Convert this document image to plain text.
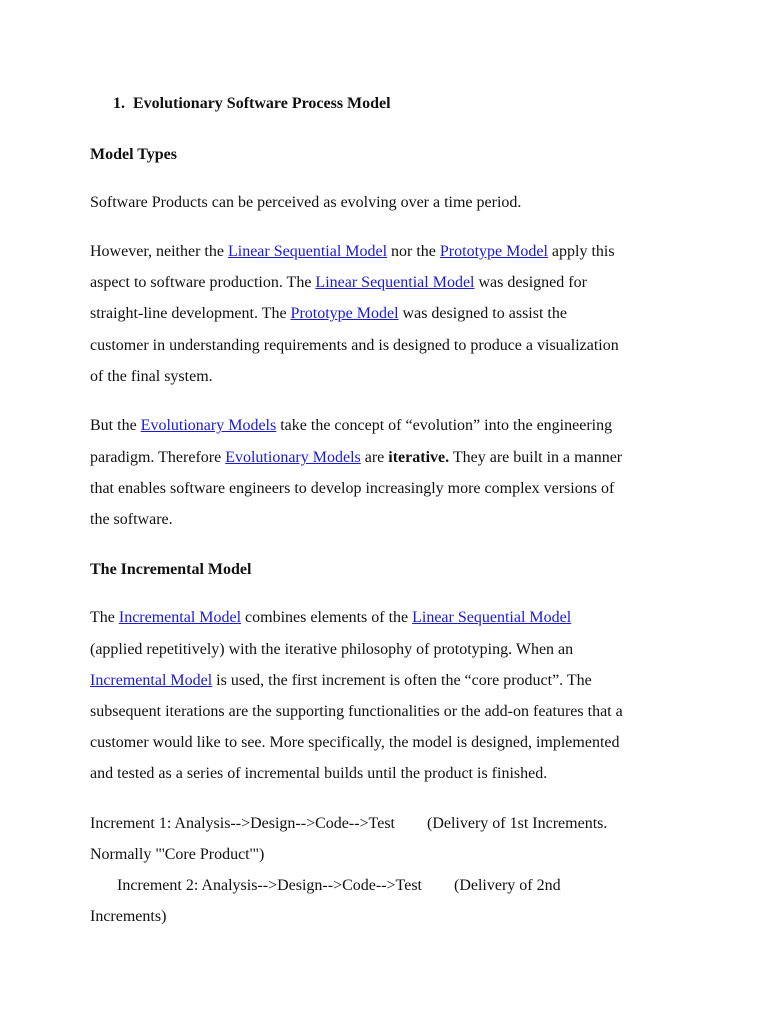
1. Evolutionary Software Process Model
Model Types
Software Products can be perceived as evolving over a time period.
However, neither the Linear Sequential Model nor the Prototype Model apply this
aspect to software production. The Linear Sequential Model was designed for
straight-line development. The Prototype Model was designed to assist the
customer in understanding requirements and is designed to produce a visualization
of the final system.
But the Evolutionary Models take the concept of “evolution” into the engineering
paradigm. Therefore Evolutionary Models are iterative. They are built in a manner
that enables software engineers to develop increasingly more complex versions of
the software.
The Incremental Model
The Incremental Model combines elements of the Linear Sequential Model
(applied repetitively) with the iterative philosophy of prototyping. When an
Incremental Model is used, the first increment is often the “core product”. The
subsequent iterations are the supporting functionalities or the add-on features that a
customer would like to see. More specifically, the model is designed, implemented
and tested as a series of incremental builds until the product is finished.
Increment 1: Analysis-->Design-->Code-->Test (Delivery of 1st Increments.
Normally "'Core Product'")
Increment 2: Analysis-->Design-->Code-->Test (Delivery of 2nd
Increments)
